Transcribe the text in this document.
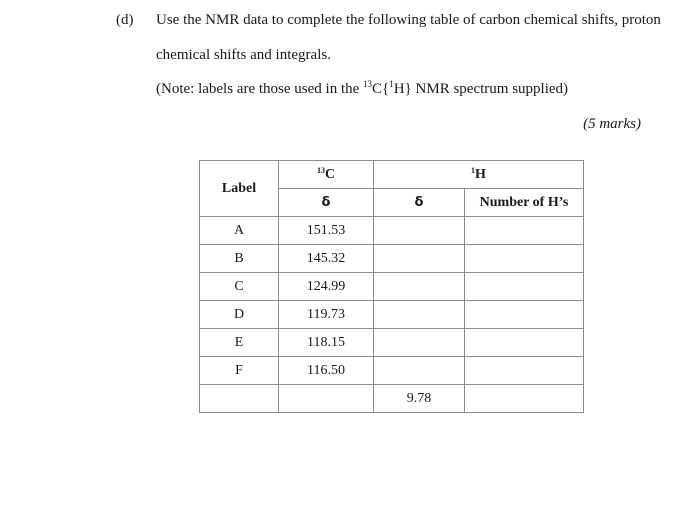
(d) Use the NMR data to complete the following table of carbon chemical shifts, proton
chemical shifts and integrals.
(Note: labels are those used in the $^{13}$C{$^1$H} NMR spectrum supplied)
(5 marks)
Label	$^{13}$C	$^1$H	
	δ	δ	Number of H’s
A	151.53		
B	145.32		
C	124.99		
D	119.73		
E	118.15		
F	116.50		
		9.78	
